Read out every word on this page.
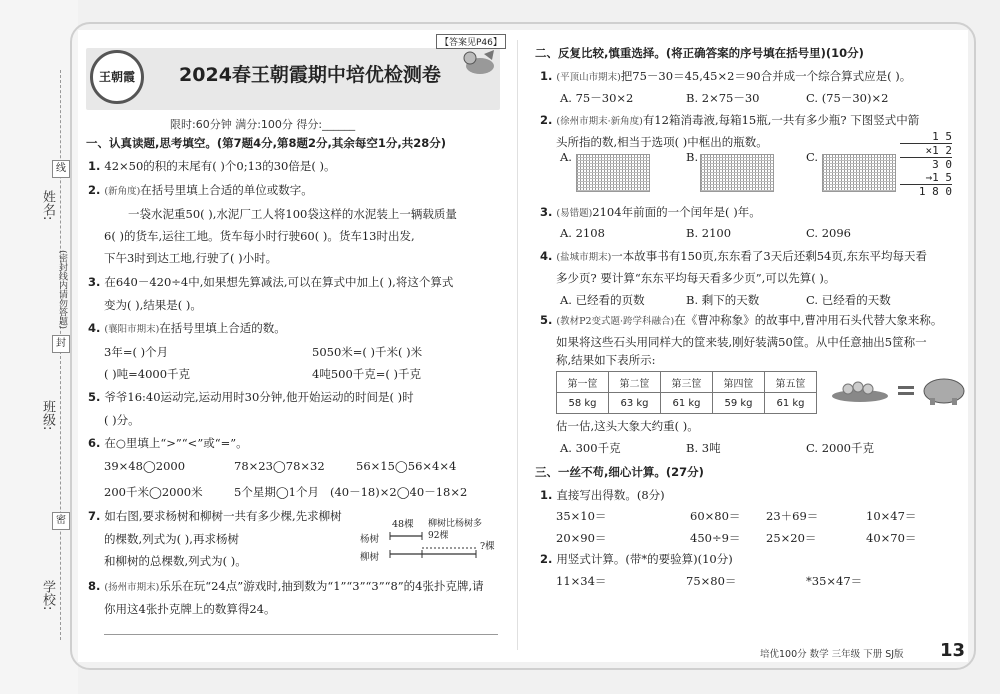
姓名:
班级:
学校:
(密封线内请勿答题)
线
封
密
王朝霞	2024春王朝霞期中培优检测卷
【答案见P46】
限时:60分钟 满分:100分 得分:______
一、认真读题,思考填空。(第7题4分,第8题2分,其余每空1分,共28分)
1. 42×50的积的末尾有( )个0;13的30倍是( )。
2. (新角度)在括号里填上合适的单位或数字。
一袋水泥重50( ),水泥厂工人将100袋这样的水泥装上一辆载质量
6( )的货车,运往工地。货车每小时行驶60( )。货车13时出发,
下午3时到达工地,行驶了( )小时。
3. 在640－420÷4中,如果想先算减法,可以在算式中加上( ),将这个算式
变为( ),结果是( )。
4. (襄阳市期末)在括号里填上合适的数。
3年=( )个月	5050米=( )千米( )米
( )吨=4000千克	4吨500千克=( )千克
5. 爷爷16:40运动完,运动用时30分钟,他开始运动的时间是( )时
( )分。
6. 在○里填上“>”“<”或“=”。
39×48◯2000	78×23◯78×32	56×15◯56×4×4
200千米◯2000米	5个星期◯1个月 (40－18)×2◯40－18×2
7. 如右图,要求杨树和柳树一共有多少棵,先求柳树
的棵数,列式为( ),再求杨树
和柳树的总棵数,列式为( )。
48棵 柳树比杨树多92棵
杨树
柳树
?棵
8. (扬州市期末)乐乐在玩“24点”游戏时,抽到数为“1”“3”“3”“8”的4张扑克牌,请
你用这4张扑克牌上的数算得24。
二、反复比较,慎重选择。(将正确答案的序号填在括号里)(10分)
1. (平顶山市期末)把75－30＝45,45×2＝90合并成一个综合算式应是( )。
A. 75－30×2	B. 2×75－30	C. (75－30)×2
2. (徐州市期末·新角度)有12箱消毒液,每箱15瓶,一共有多少瓶? 下图竖式中箭
头所指的数,相当于选项( )中框出的瓶数。
A.	B.	C.
1 5
×1 2
3 0
→1 5
1 8 0
3. (易错题)2104年前面的一个闰年是( )年。
A. 2108	B. 2100	C. 2096
4. (盐城市期末)一本故事书有150页,东东看了3天后还剩54页,东东平均每天看
多少页? 要计算“东东平均每天看多少页”,可以先算( )。
A. 已经看的页数	B. 剩下的天数	C. 已经看的天数
5. (教材P2变式题·跨学科融合)在《曹冲称象》的故事中,曹冲用石头代替大象来称。
如果将这些石头用同样大的筐来装,刚好装满50筐。从中任意抽出5筐称一
称,结果如下表所示:
第一筐	第二筐	第三筐	第四筐	第五筐
58 kg	63 kg	61 kg	59 kg	61 kg
估一估,这头大象大约重( )。
A. 300千克	B. 3吨	C. 2000千克
三、一丝不苟,细心计算。(27分)
1. 直接写出得数。(8分)
35×10＝	60×80＝ 23＋69＝	10×47＝
20×90＝	450÷9＝ 25×20＝	40×70＝
2. 用竖式计算。(带*的要验算)(10分)
11×34＝	75×80＝	*35×47＝
培优100分 数学 三年级 下册 SJ版 13
